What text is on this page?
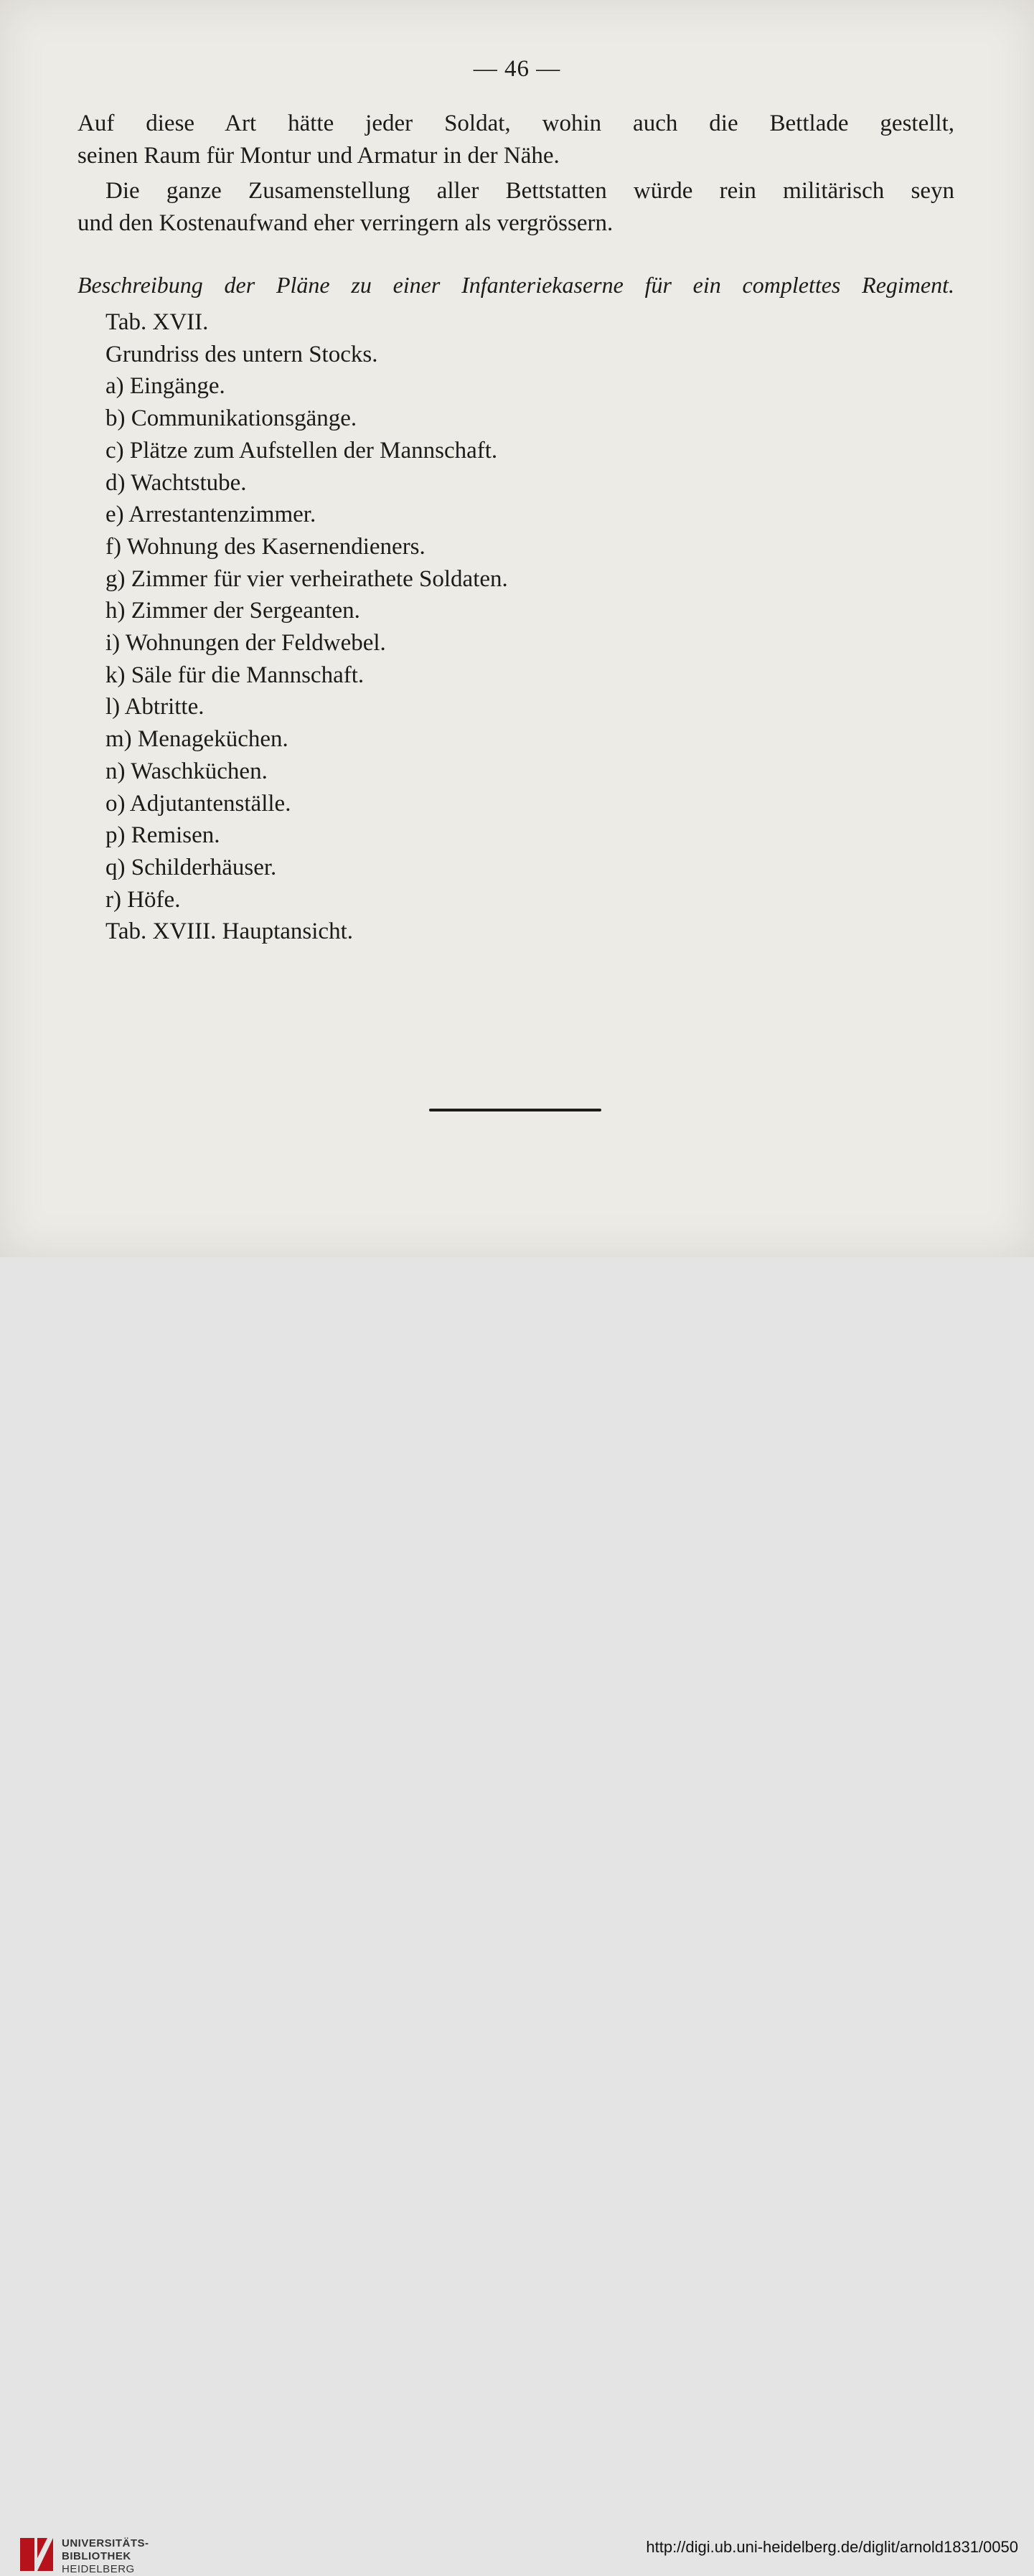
— 46 —

Auf diese Art hätte jeder Soldat, wohin auch die Bettlade gestellt,

seinen Raum für Montur und Armatur in der Nähe.

Die ganze Zusamenstellung aller Bettstatten würde rein militärisch seyn

und den Kostenaufwand eher verringern als vergrössern.

Beschreibung der Pläne zu einer Infanteriekaserne für ein complettes Regiment.
Tab. XVII.
Grundriss des untern Stocks.
a) Eingänge.
b) Communikationsgänge.
c) Plätze zum Aufstellen der Mannschaft.
d) Wachtstube.
e) Arrestantenzimmer.
f) Wohnung des Kasernendieners.
g) Zimmer für vier verheirathete Soldaten.
h) Zimmer der Sergeanten.
i) Wohnungen der Feldwebel.
k) Säle für die Mannschaft.
l) Abtritte.
m) Menageküchen.
n) Waschküchen.
o) Adjutantenställe.
p) Remisen.
q) Schilderhäuser.
r) Höfe.
Tab. XVIII. Hauptansicht.
UNIVERSITÄTS-
BIBLIOTHEK
HEIDELBERG
http://digi.ub.uni-heidelberg.de/diglit/arnold1831/0050
